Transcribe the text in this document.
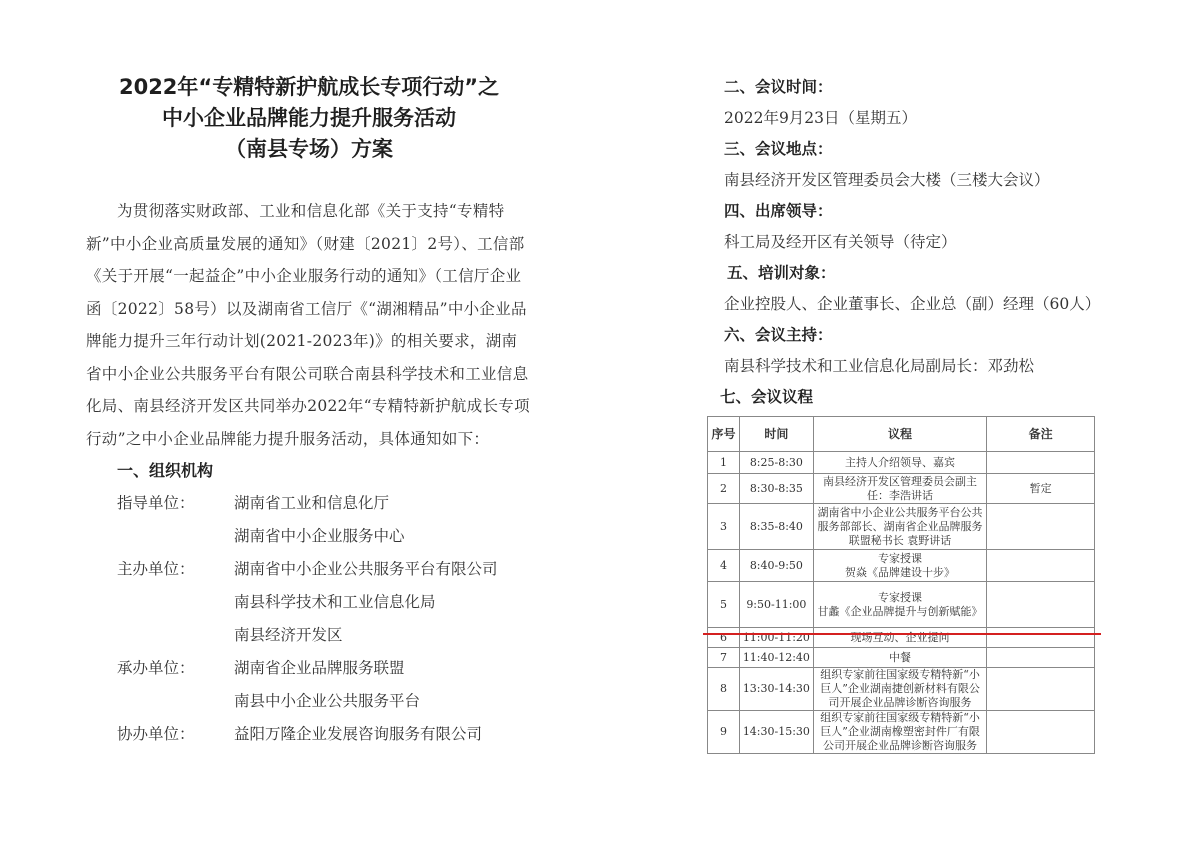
2022年“专精特新护航成长专项行动”之
中小企业品牌能力提升服务活动
（南县专场）方案
为贯彻落实财政部、工业和信息化部《关于支持“专精特新”中小企业高质量发展的通知》（财建〔2021〕2号）、工信部《关于开展“一起益企”中小企业服务行动的通知》（工信厅企业函〔2022〕58号）以及湖南省工信厅《“湖湘精品”中小企业品牌能力提升三年行动计划(2021-2023年)》的相关要求，湖南省中小企业公共服务平台有限公司联合南县科学技术和工业信息化局、南县经济开发区共同举办2022年“专精特新护航成长专项行动”之中小企业品牌能力提升服务活动，具体通知如下：
一、组织机构
指导单位：	湖南省工业和信息化厅
湖南省中小企业服务中心
主办单位：	湖南省中小企业公共服务平台有限公司
南县科学技术和工业信息化局
南县经济开发区
承办单位：	湖南省企业品牌服务联盟
南县中小企业公共服务平台
协办单位：	益阳万隆企业发展咨询服务有限公司
二、会议时间：
2022年9月23日（星期五）
三、会议地点：
南县经济开发区管理委员会大楼（三楼大会议）
四、出席领导：
科工局及经开区有关领导（待定）
五、培训对象：
企业控股人、企业董事长、企业总（副）经理（60人）
六、会议主持：
南县科学技术和工业信息化局副局长：邓劲松
七、会议议程
序号	时间	议程	备注
1	8:25-8:30	主持人介绍领导、嘉宾	
2	8:30-8:35	南县经济开发区管理委员会副主任：李浩讲话	暂定
3	8:35-8:40	湖南省中小企业公共服务平台公共服务部部长、湖南省企业品牌服务联盟秘书长 袁野讲话	
4	8:40-9:50	专家授课
贺焱《品牌建设十步》	
5	9:50-11:00	专家授课
甘蠡《企业品牌提升与创新赋能》	
6	11:00-11:20	现场互动、企业提问	
7	11:40-12:40	中餐	
8	13:30-14:30	组织专家前往国家级专精特新“小巨人”企业湖南捷创新材料有限公司开展企业品牌诊断咨询服务	
9	14:30-15:30	组织专家前往国家级专精特新“小巨人”企业湖南橡塑密封件厂有限公司开展企业品牌诊断咨询服务	
